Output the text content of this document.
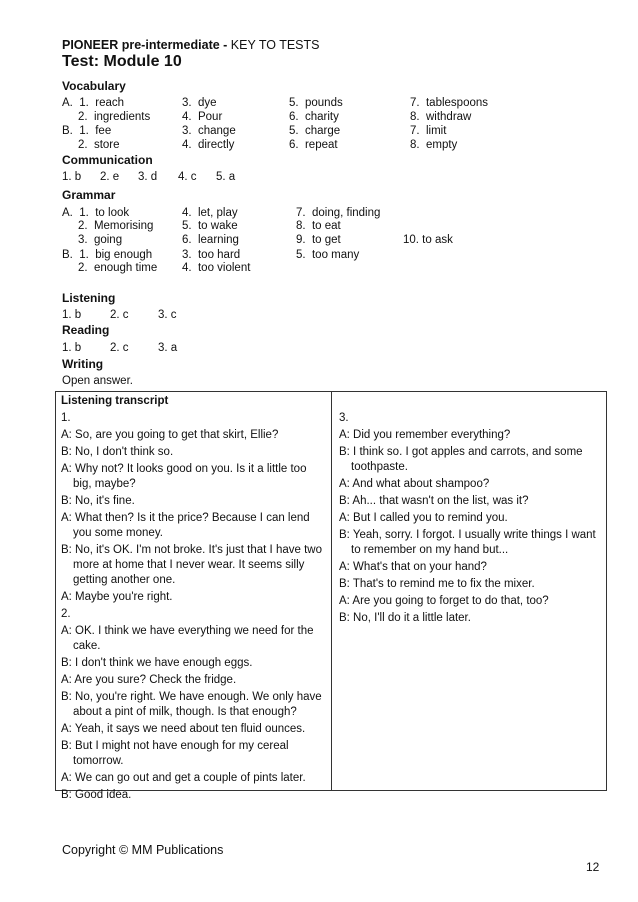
PIONEER pre-intermediate - KEY TO TESTS
Test: Module 10
Vocabulary
A.  1.  reach	3.  dye	5.  pounds	7.  tablespoons
2.  ingredients	4.  Pour	6.  charity	8.  withdraw
B.  1.  fee	3.  change	5.  charge	7.  limit
2.  store	4.  directly	6.  repeat	8.  empty
Communication
1. b 2. e 3. d 4. c 5. a
Grammar
A.  1.  to look	4.  let, play	7.  doing, finding
2.  Memorising 5.  to wake	8.  to eat
3.  going	6.  learning	9.  to get	10. to ask
B.  1.  big enough	3.  too hard	5.  too many
2.  enough time 4.  too violent
Listening
1. b	2. c	3. c
Reading
1. b	2. c	3. a
Writing
Open answer.
Listening transcript
1.
A: So, are you going to get that skirt, Ellie?
B: No, I don't think so.
A: Why not? It looks good on you. Is it a little too big, maybe?
B: No, it's fine.
A: What then? Is it the price? Because I can lend you some money.
B: No, it's OK. I'm not broke. It's just that I have two more at home that I never wear. It seems silly getting another one.
A: Maybe you're right.
2.
A: OK. I think we have everything we need for the cake.
B: I don't think we have enough eggs.
A: Are you sure? Check the fridge.
B: No, you're right. We have enough. We only have about a pint of milk, though. Is that enough?
A: Yeah, it says we need about ten fluid ounces.
B: But I might not have enough for my cereal tomorrow.
A: We can go out and get a couple of pints later.
B: Good idea.
3.
A: Did you remember everything?
B: I think so. I got apples and carrots, and some toothpaste.
A: And what about shampoo?
B: Ah... that wasn't on the list, was it?
A: But I called you to remind you.
B: Yeah, sorry. I forgot. I usually write things I want to remember on my hand but...
A: What's that on your hand?
B: That's to remind me to fix the mixer.
A: Are you going to forget to do that, too?
B: No, I'll do it a little later.
Copyright © MM Publications
12
